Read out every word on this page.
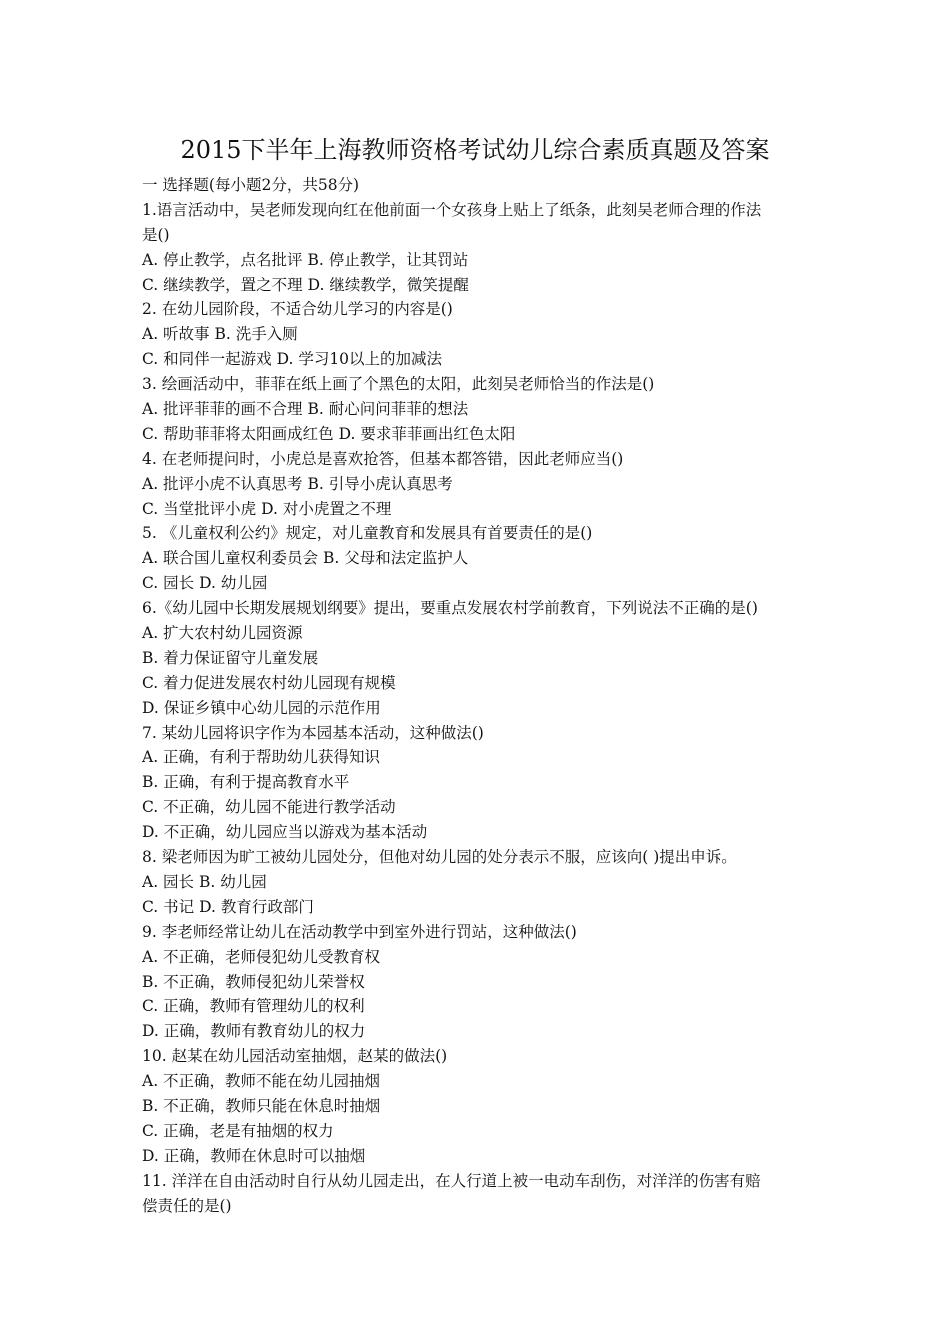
2015下半年上海教师资格考试幼儿综合素质真题及答案
一 选择题(每小题2分，共58分)
1.语言活动中，吴老师发现向红在他前面一个女孩身上贴上了纸条，此刻吴老师合理的作法
是()
A. 停止教学，点名批评 B. 停止教学，让其罚站
C. 继续教学，置之不理 D. 继续教学，微笑提醒
2. 在幼儿园阶段，不适合幼儿学习的内容是()
A. 听故事 B. 洗手入厕
C. 和同伴一起游戏 D. 学习10以上的加减法
3. 绘画活动中，菲菲在纸上画了个黑色的太阳，此刻吴老师恰当的作法是()
A. 批评菲菲的画不合理 B. 耐心问问菲菲的想法
C. 帮助菲菲将太阳画成红色 D. 要求菲菲画出红色太阳
4. 在老师提问时，小虎总是喜欢抢答，但基本都答错，因此老师应当()
A. 批评小虎不认真思考 B. 引导小虎认真思考
C. 当堂批评小虎 D. 对小虎置之不理
5. 《儿童权利公约》规定，对儿童教育和发展具有首要责任的是()
A. 联合国儿童权利委员会 B. 父母和法定监护人
C. 园长 D. 幼儿园
6.《幼儿园中长期发展规划纲要》提出，要重点发展农村学前教育，下列说法不正确的是()
A. 扩大农村幼儿园资源
B. 着力保证留守儿童发展
C. 着力促进发展农村幼儿园现有规模
D. 保证乡镇中心幼儿园的示范作用
7. 某幼儿园将识字作为本园基本活动，这种做法()
A. 正确，有利于帮助幼儿获得知识
B. 正确，有利于提高教育水平
C. 不正确，幼儿园不能进行教学活动
D. 不正确，幼儿园应当以游戏为基本活动
8. 梁老师因为旷工被幼儿园处分，但他对幼儿园的处分表示不服，应该向( )提出申诉。
A. 园长 B. 幼儿园
C. 书记 D. 教育行政部门
9. 李老师经常让幼儿在活动教学中到室外进行罚站，这种做法()
A. 不正确，老师侵犯幼儿受教育权
B. 不正确，教师侵犯幼儿荣誉权
C. 正确，教师有管理幼儿的权利
D. 正确，教师有教育幼儿的权力
10. 赵某在幼儿园活动室抽烟，赵某的做法()
A. 不正确，教师不能在幼儿园抽烟
B. 不正确，教师只能在休息时抽烟
C. 正确，老是有抽烟的权力
D. 正确，教师在休息时可以抽烟
11. 洋洋在自由活动时自行从幼儿园走出，在人行道上被一电动车刮伤，对洋洋的伤害有赔
偿责任的是()
